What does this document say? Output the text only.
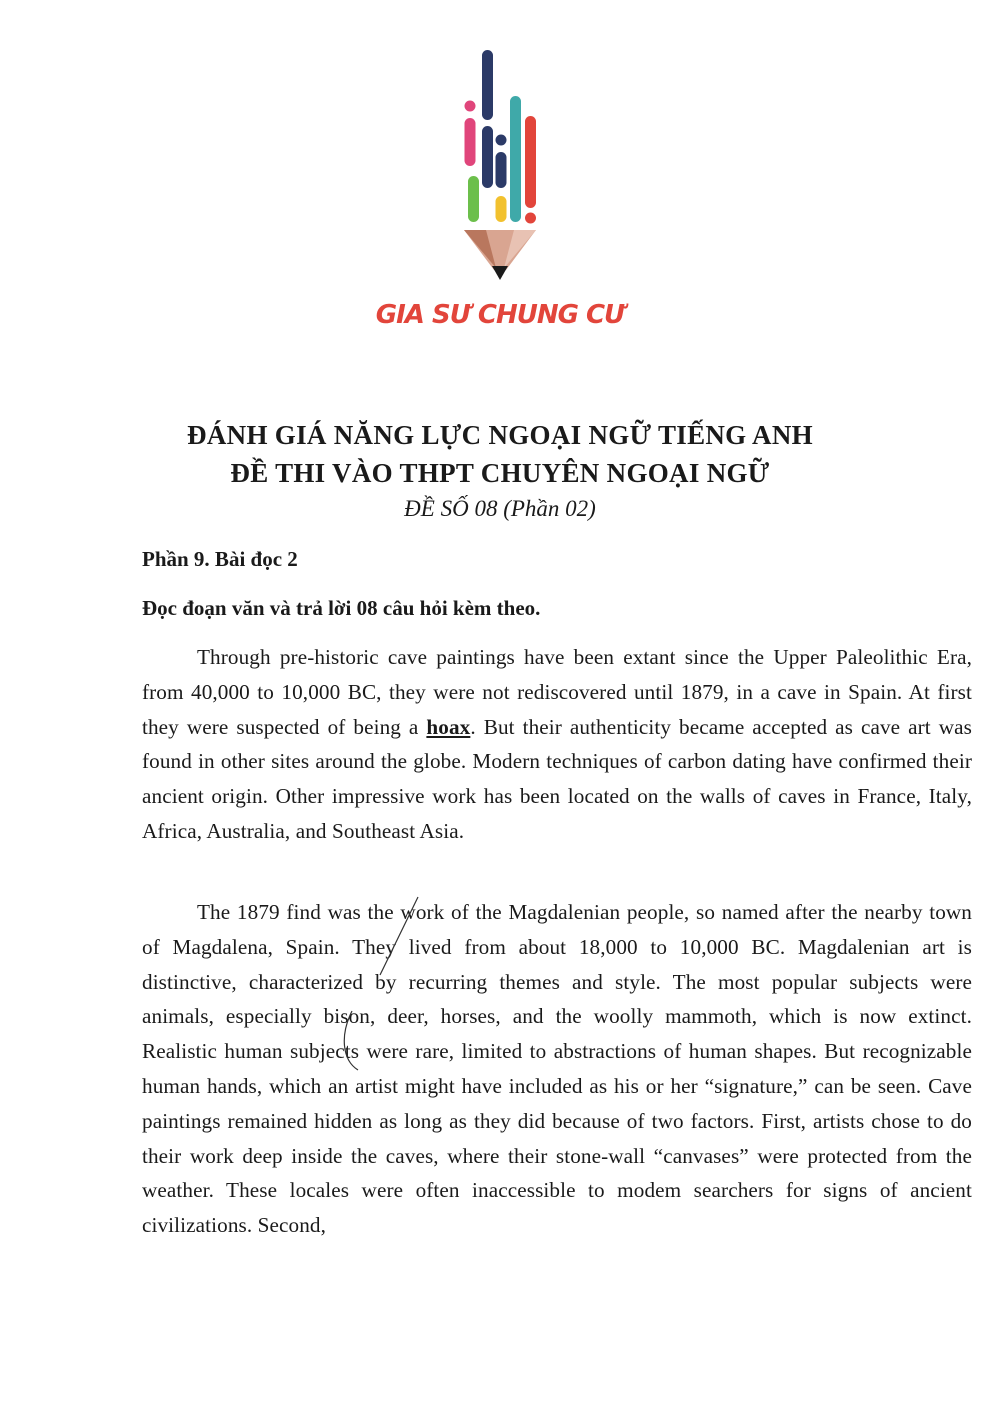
GIA SƯ CHUNG CƯ
ĐÁNH GIÁ NĂNG LỰC NGOẠI NGỮ TIẾNG ANH
ĐỀ THI VÀO THPT CHUYÊN NGOẠI NGỮ
ĐỀ SỐ 08 (Phần 02)
Phần 9. Bài đọc 2
Đọc đoạn văn và trả lời 08 câu hỏi kèm theo.

Through pre-historic cave paintings have been extant since the Upper Paleolithic Era, from 40,000 to 10,000 BC, they were not rediscovered until 1879, in a cave in Spain. At first they were suspected of being a hoax. But their authenticity became accepted as cave art was found in other sites around the globe. Modern techniques of carbon dating have confirmed their ancient origin. Other impressive work has been located on the walls of caves in France, Italy, Africa, Australia, and Southeast Asia.

The 1879 find was the work of the Magdalenian people, so named after the nearby town of Magdalena, Spain. They lived from about 18,000 to 10,000 BC. Magdalenian art is distinctive, characterized by recurring themes and style. The most popular subjects were animals, especially bison, deer, horses, and the woolly mammoth, which is now extinct. Realistic human subjects were rare, limited to abstractions of human shapes. But recognizable human hands, which an artist might have included as his or her “signature,” can be seen. Cave paintings remained hidden as long as they did because of two factors. First, artists chose to do their work deep inside the caves, where their stone-wall “canvases” were protected from the weather. These locales were often inaccessible to modem searchers for signs of ancient civilizations. Second,
